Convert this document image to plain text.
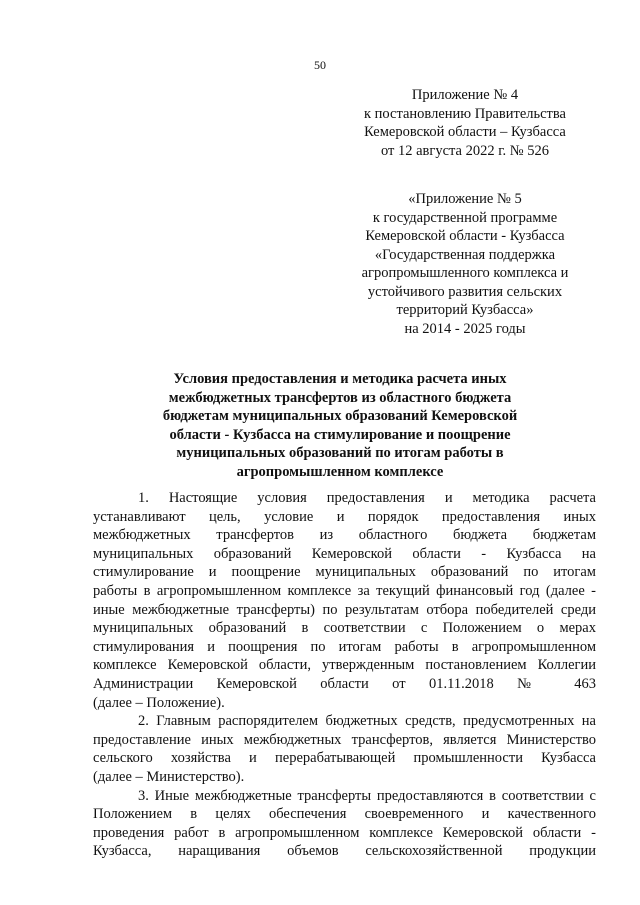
50
Приложение № 4
к постановлению Правительства
Кемеровской области – Кузбасса
от 12 августа 2022 г. № 526
«Приложение № 5
к государственной программе
Кемеровской области - Кузбасса
«Государственная поддержка
агропромышленного комплекса и
устойчивого развития сельских
территорий Кузбасса»
на 2014 - 2025 годы
Условия предоставления и методика расчета иных
межбюджетных трансфертов из областного бюджета
бюджетам муниципальных образований Кемеровской
области - Кузбасса на стимулирование и поощрение
муниципальных образований по итогам работы в
агропромышленном комплексе
1. Настоящие условия предоставления и методика расчета
устанавливают цель, условие и порядок предоставления иных
межбюджетных трансфертов из областного бюджета бюджетам
муниципальных образований Кемеровской области - Кузбасса на
стимулирование и поощрение муниципальных образований по итогам
работы в агропромышленном комплексе за текущий финансовый год (далее -
иные межбюджетные трансферты) по результатам отбора победителей среди
муниципальных образований в соответствии с Положением о мерах
стимулирования и поощрения по итогам работы в агропромышленном
комплексе Кемеровской области, утвержденным постановлением Коллегии
Администрации Кемеровской области от 01.11.2018 № 463
(далее – Положение).
2. Главным распорядителем бюджетных средств, предусмотренных на
предоставление иных межбюджетных трансфертов, является Министерство
сельского хозяйства и перерабатывающей промышленности Кузбасса
(далее – Министерство).
3. Иные межбюджетные трансферты предоставляются в соответствии с
Положением в целях обеспечения своевременного и качественного
проведения работ в агропромышленном комплексе Кемеровской области -
Кузбасса, наращивания объемов сельскохозяйственной продукции
